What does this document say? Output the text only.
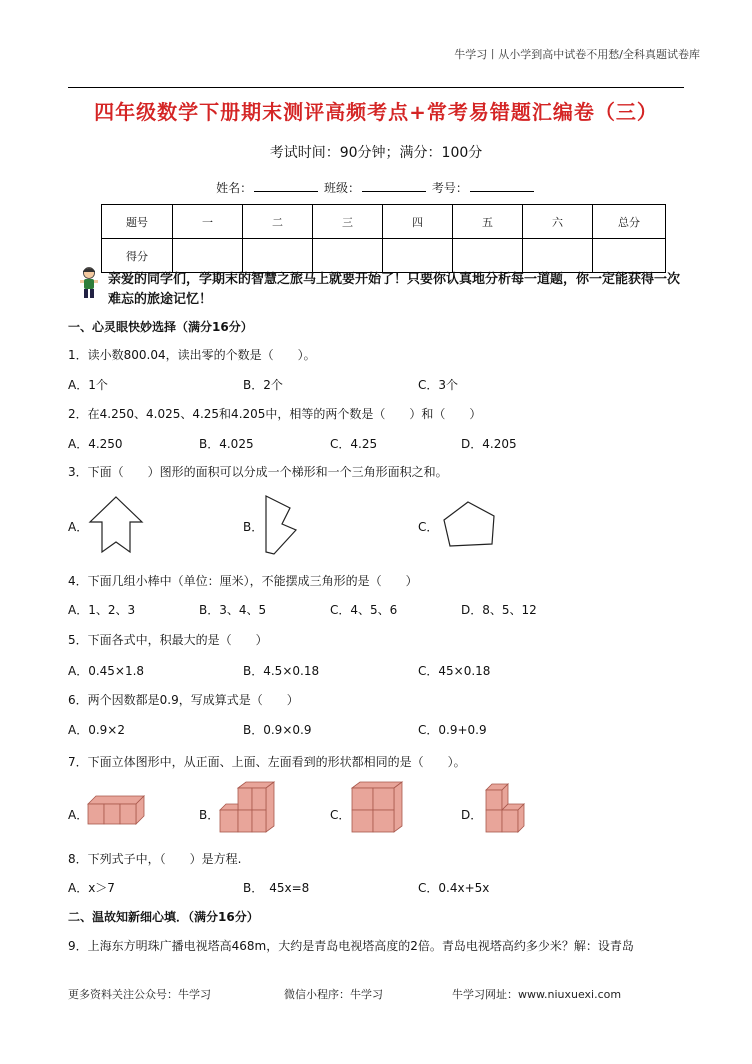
牛学习丨从小学到高中试卷不用愁/全科真题试卷库
四年级数学下册期末测评高频考点+常考易错题汇编卷（三）
考试时间：90分钟；满分：100分
姓名：	班级：	考号：
题号	一	二	三	四	五	六	总分
得分							
亲爱的同学们，学期末的智慧之旅马上就要开始了！只要你认真地分析每一道题，你一定能获得一次难忘的旅途记忆！
一、心灵眼快妙选择（满分16分）
1．读小数800.04，读出零的个数是（　　）。
A．1个	B．2个	C．3个
2．在4.250、4.025、4.25和4.205中，相等的两个数是（　　）和（　　）
A．4.250	B．4.025	C．4.25	D．4.205
3．下面（　　）图形的面积可以分成一个梯形和一个三角形面积之和。
A．	B．	C．
4．下面几组小棒中（单位：厘米），不能摆成三角形的是（　　）
A．1、2、3	B．3、4、5	C．4、5、6	D．8、5、12
5．下面各式中，积最大的是（　　）
A．0.45×1.8	B．4.5×0.18	C．45×0.18
6．两个因数都是0.9，写成算式是（　　）
A．0.9×2	B．0.9×0.9	C．0.9+0.9
7．下面立体图形中，从正面、上面、左面看到的形状都相同的是（　　）。
A．	B．	C．	D．
8．下列式子中，（　　）是方程.
A．x＞7	B．　45x=8	C．0.4x+5x
二、温故知新细心填．（满分16分）
9．上海东方明珠广播电视塔高468m，大约是青岛电视塔高度的2倍。青岛电视塔高约多少米？解：设青岛
更多资料关注公众号：牛学习	微信小程序：牛学习	牛学习网址：www.niuxuexi.com
